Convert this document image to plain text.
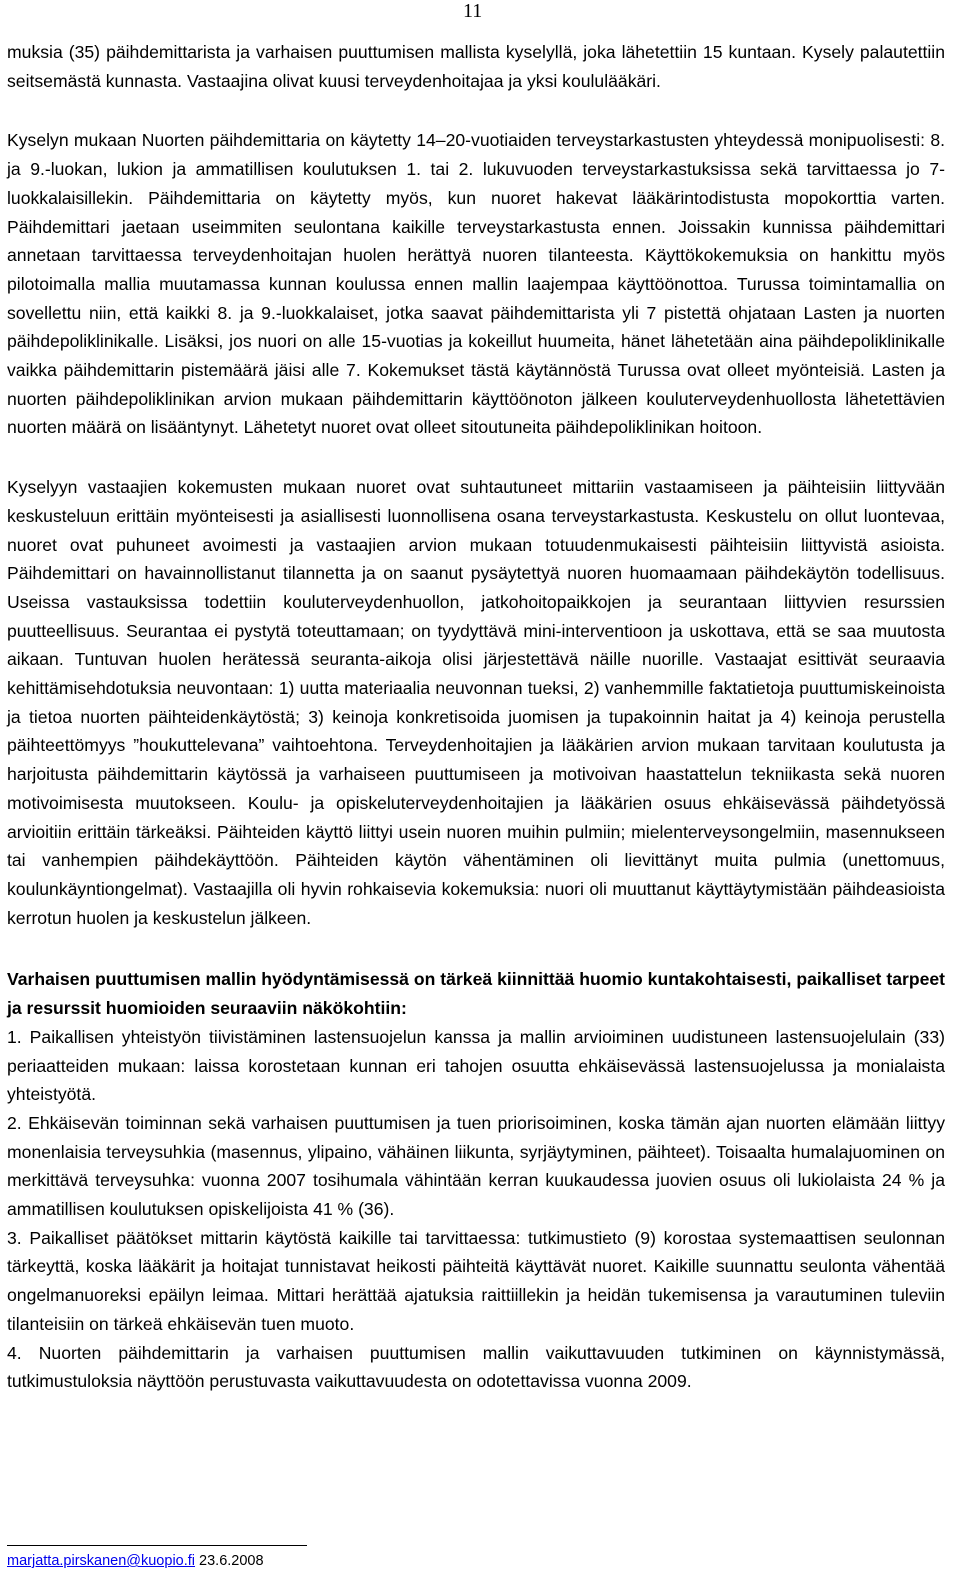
11

muksia (35) päihdemittarista ja varhaisen puuttumisen mallista kyselyllä, joka lähetettiin 15 kuntaan. Kysely palautettiin seitsemästä kunnasta. Vastaajina olivat kuusi terveydenhoitajaa ja yksi koululääkäri.

Kyselyn mukaan Nuorten päihdemittaria on käytetty 14–20-vuotiaiden terveystarkastusten yhteydessä monipuolisesti: 8. ja 9.-luokan, lukion ja ammatillisen koulutuksen 1. tai 2. lukuvuoden terveystarkastuksissa sekä tarvittaessa jo 7-luokkalaisillekin. Päihdemittaria on käytetty myös, kun nuoret hakevat lääkärintodistusta mopokorttia varten. Päihdemittari jaetaan useimmiten seulontana kaikille terveystarkastusta ennen. Joissakin kunnissa päihdemittari annetaan tarvittaessa terveydenhoitajan huolen herättyä nuoren tilanteesta. Käyttökokemuksia on hankittu myös pilotoimalla mallia muutamassa kunnan koulussa ennen mallin laajempaa käyttöönottoa. Turussa toimintamallia on sovellettu niin, että kaikki 8. ja 9.-luokkalaiset, jotka saavat päihdemittarista yli 7 pistettä ohjataan Lasten ja nuorten päihdepoliklinikalle. Lisäksi, jos nuori on alle 15-vuotias ja kokeillut huumeita, hänet lähetetään aina päihdepoliklinikalle vaikka päihdemittarin pistemäärä jäisi alle 7. Kokemukset tästä käytännöstä Turussa ovat olleet myönteisiä. Lasten ja nuorten päihdepoliklinikan arvion mukaan päihdemittarin käyttöönoton jälkeen kouluterveydenhuollosta lähetettävien nuorten määrä on lisääntynyt. Lähetetyt nuoret ovat olleet sitoutuneita päihdepoliklinikan hoitoon.

Kyselyyn vastaajien kokemusten mukaan nuoret ovat suhtautuneet mittariin vastaamiseen ja päihteisiin liittyvään keskusteluun erittäin myönteisesti ja asiallisesti luonnollisena osana terveystarkastusta. Keskustelu on ollut luontevaa, nuoret ovat puhuneet avoimesti ja vastaajien arvion mukaan totuudenmukaisesti päihteisiin liittyvistä asioista. Päihdemittari on havainnollistanut tilannetta ja on saanut pysäytettyä nuoren huomaamaan päihdekäytön todellisuus. Useissa vastauksissa todettiin kouluterveydenhuollon, jatkohoitopaikkojen ja seurantaan liittyvien resurssien puutteellisuus. Seurantaa ei pystytä toteuttamaan; on tyydyttävä mini-interventioon ja uskottava, että se saa muutosta aikaan. Tuntuvan huolen herätessä seuranta-aikoja olisi järjestettävä näille nuorille. Vastaajat esittivät seuraavia kehittämisehdotuksia neuvontaan: 1) uutta materiaalia neuvonnan tueksi, 2) vanhemmille faktatietoja puuttumiskeinoista ja tietoa nuorten päihteidenkäytöstä; 3) keinoja konkretisoida juomisen ja tupakoinnin haitat ja 4) keinoja perustella päihteettömyys ”houkuttelevana” vaihtoehtona. Terveydenhoitajien ja lääkärien arvion mukaan tarvitaan koulutusta ja harjoitusta päihdemittarin käytössä ja varhaiseen puuttumiseen ja motivoivan haastattelun tekniikasta sekä nuoren motivoimisesta muutokseen. Koulu- ja opiskeluterveydenhoitajien ja lääkärien osuus ehkäisevässä päihdetyössä arvioitiin erittäin tärkeäksi. Päihteiden käyttö liittyi usein nuoren muihin pulmiin; mielenterveysongelmiin, masennukseen tai vanhempien päihdekäyttöön. Päihteiden käytön vähentäminen oli lievittänyt muita pulmia (unettomuus, koulunkäyntiongelmat). Vastaajilla oli hyvin rohkaisevia kokemuksia: nuori oli muuttanut käyttäytymistään päihdeasioista kerrotun huolen ja keskustelun jälkeen.

Varhaisen puuttumisen mallin hyödyntämisessä on tärkeä kiinnittää huomio kuntakohtaisesti, paikalliset tarpeet ja resurssit huomioiden seuraaviin näkökohtiin:

1. Paikallisen yhteistyön tiivistäminen lastensuojelun kanssa ja mallin arvioiminen uudistuneen lastensuojelulain (33) periaatteiden mukaan: laissa korostetaan kunnan eri tahojen osuutta ehkäisevässä lastensuojelussa ja monialaista yhteistyötä.

2. Ehkäisevän toiminnan sekä varhaisen puuttumisen ja tuen priorisoiminen, koska tämän ajan nuorten elämään liittyy monenlaisia terveysuhkia (masennus, ylipaino, vähäinen liikunta, syrjäytyminen, päihteet). Toisaalta humalajuominen on merkittävä terveysuhka: vuonna 2007 tosihumala vähintään kerran kuukaudessa juovien osuus oli lukiolaista 24 % ja ammatillisen koulutuksen opiskelijoista 41 % (36).

3. Paikalliset päätökset mittarin käytöstä kaikille tai tarvittaessa: tutkimustieto (9) korostaa systemaattisen seulonnan tärkeyttä, koska lääkärit ja hoitajat tunnistavat heikosti päihteitä käyttävät nuoret. Kaikille suunnattu seulonta vähentää ongelmanuoreksi epäilyn leimaa. Mittari herättää ajatuksia raittiillekin ja heidän tukemisensa ja varautuminen tuleviin tilanteisiin on tärkeä ehkäisevän tuen muoto.

4. Nuorten päihdemittarin ja varhaisen puuttumisen mallin vaikuttavuuden tutkiminen on käynnistymässä, tutkimustuloksia näyttöön perustuvasta vaikuttavuudesta on odotettavissa vuonna 2009.

marjatta.pirskanen@kuopio.fi 23.6.2008
